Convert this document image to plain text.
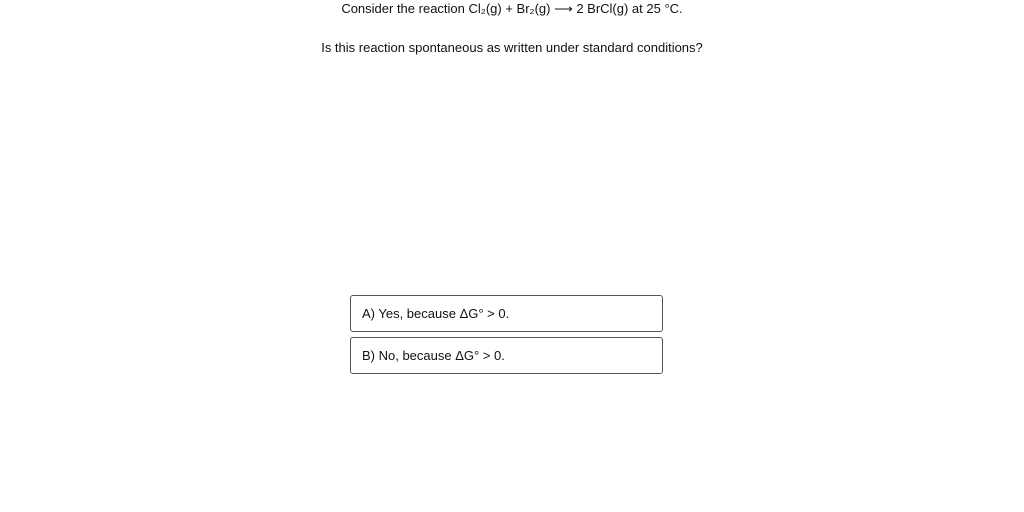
Consider the reaction Cl₂(g) + Br₂(g) ⟶ 2 BrCl(g) at 25 °C.
Is this reaction spontaneous as written under standard conditions?
A) Yes, because ΔG° > 0.
B) No, because ΔG° > 0.
